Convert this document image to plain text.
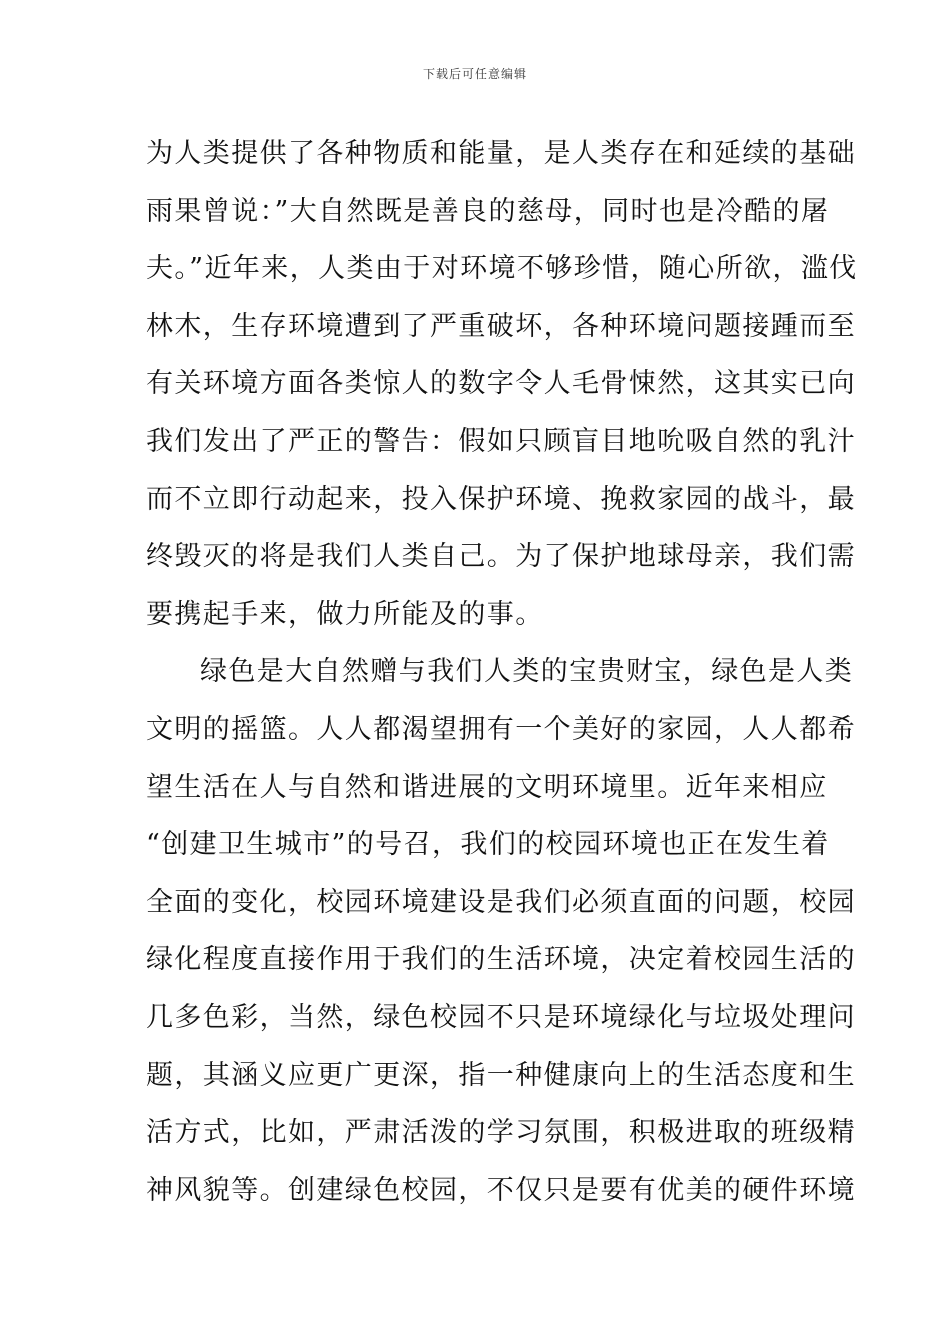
下载后可任意编辑
为人类提供了各种物质和能量，是人类存在和延续的基础
雨果曾说：”大自然既是善良的慈母，同时也是冷酷的屠
夫。”近年来，人类由于对环境不够珍惜，随心所欲，滥伐
林木，生存环境遭到了严重破坏，各种环境问题接踵而至
有关环境方面各类惊人的数字令人毛骨悚然，这其实已向
我们发出了严正的警告：假如只顾盲目地吮吸自然的乳汁
而不立即行动起来，投入保护环境、挽救家园的战斗，最
终毁灭的将是我们人类自己。为了保护地球母亲，我们需
要携起手来，做力所能及的事。
绿色是大自然赠与我们人类的宝贵财宝，绿色是人类
文明的摇篮。人人都渴望拥有一个美好的家园，人人都希
望生活在人与自然和谐进展的文明环境里。近年来相应
“创建卫生城市”的号召，我们的校园环境也正在发生着
全面的变化，校园环境建设是我们必须直面的问题，校园
绿化程度直接作用于我们的生活环境，决定着校园生活的
几多色彩，当然，绿色校园不只是环境绿化与垃圾处理问
题，其涵义应更广更深，指一种健康向上的生活态度和生
活方式，比如，严肃活泼的学习氛围，积极进取的班级精
神风貌等。创建绿色校园，不仅只是要有优美的硬件环境
